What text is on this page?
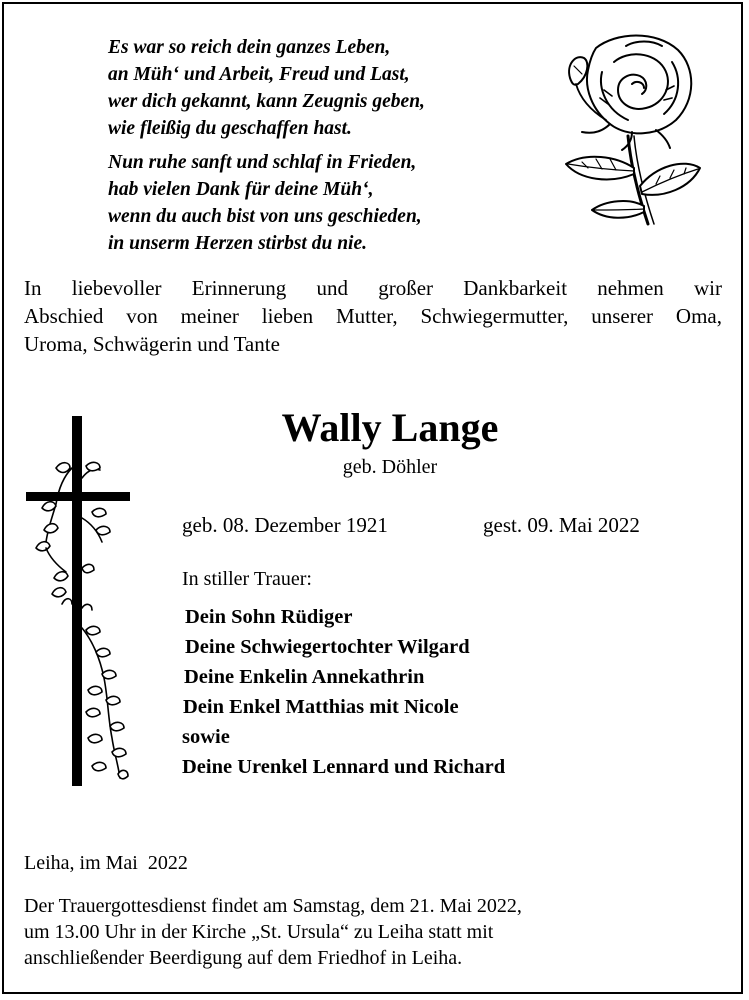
Es war so reich dein ganzes Leben,
an Müh‘ und Arbeit, Freud und Last,
wer dich gekannt, kann Zeugnis geben,
wie fleißig du geschaffen hast.
Nun ruhe sanft und schlaf in Frieden,
hab vielen Dank für deine Müh‘,
wenn du auch bist von uns geschieden,
in unserm Herzen stirbst du nie.
In liebevoller Erinnerung und großer Dankbarkeit nehmen wir
Abschied von meiner lieben Mutter, Schwiegermutter, unserer Oma,
Uroma, Schwägerin und Tante
Wally Lange
geb. Döhler
geb. 08. Dezember 1921	gest. 09. Mai 2022
In stiller Trauer:
Dein Sohn Rüdiger
Deine Schwiegertochter Wilgard
Deine Enkelin Annekathrin
Dein Enkel Matthias mit Nicole
sowie
Deine Urenkel Lennard und Richard
Leiha, im Mai  2022
Der Trauergottesdienst findet am Samstag, dem 21. Mai 2022,
um 13.00 Uhr in der Kirche „St. Ursula“ zu Leiha statt mit
anschließender Beerdigung auf dem Friedhof in Leiha.
